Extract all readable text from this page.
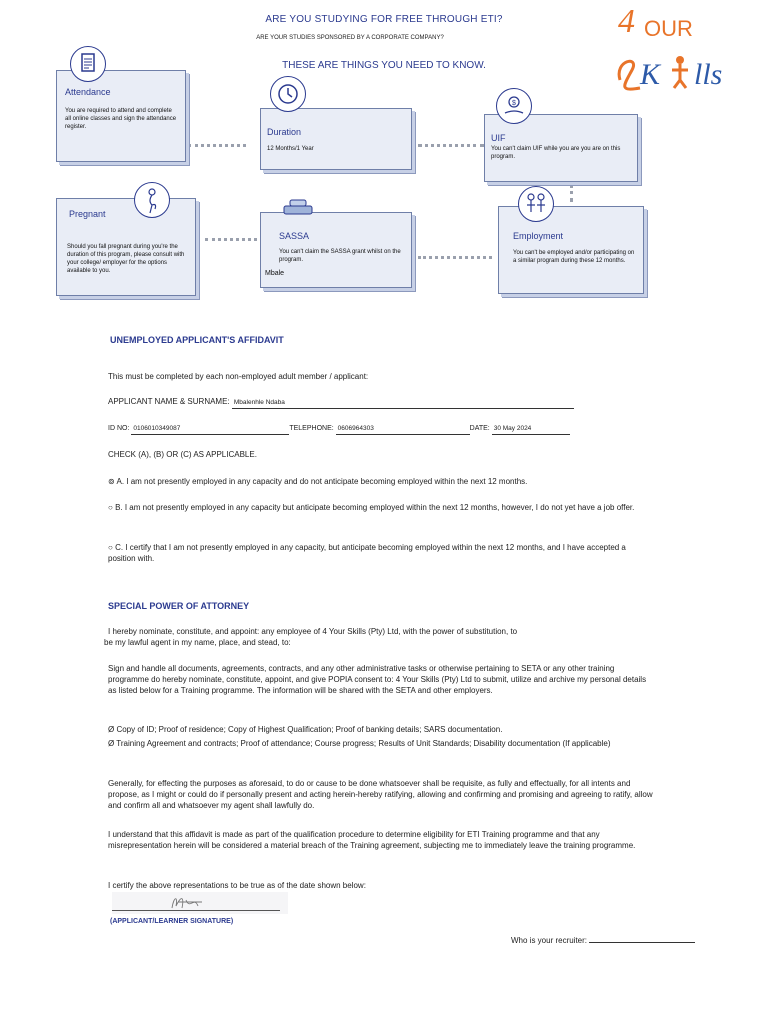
ARE YOU STUDYING FOR FREE THROUGH ETI?
ARE YOUR STUDIES SPONSORED BY A CORPORATE COMPANY?
THESE ARE THINGS YOU NEED TO KNOW.
4 OUR
K lls
Attendance
You are required to attend and complete all online classes and sign the attendance register.	Duration
12 Months/1 Year
UIF
You can't claim UIF while you are you are on this program.
$
Pregnant
Should you fall pregnant during you're the duration of this program, please consult with your college/ employer for the options available to you.
SASSA
You can't claim the SASSA grant whilst on the program.
Mbale
Employment
You can't be employed and/or participating on a similar program during these 12 months.
UNEMPLOYED APPLICANT'S AFFIDAVIT
This must be completed by each non-employed adult member / applicant:
APPLICANT NAME & SURNAME: Mbalenhle Ndaba
ID NO: 0106010349087	TELEPHONE: 0606964303	DATE: 30 May 2024
CHECK (A), (B) OR (C) AS APPLICABLE.
⊚ A. I am not presently employed in any capacity and do not anticipate becoming employed within the next 12 months.
○ B. I am not presently employed in any capacity but anticipate becoming employed within the next 12 months, however, I do not yet have a job offer.
○ C. I certify that I am not presently employed in any capacity, but anticipate becoming employed within the next 12 months, and I have accepted a position with.
SPECIAL POWER OF ATTORNEY
I hereby nominate, constitute, and appoint: any employee of 4 Your Skills (Pty) Ltd, with the power of substitution, to be my lawful agent in my name, place, and stead, to:
Sign and handle all documents, agreements, contracts, and any other administrative tasks or otherwise pertaining to SETA or any other training programme do hereby nominate, constitute, appoint, and give POPIA consent to: 4 Your Skills (Pty) Ltd to submit, utilize and archive my personal details as listed below for a Training programme. The information will be shared with the SETA and other employers.
Ø Copy of ID; Proof of residence; Copy of Highest Qualification; Proof of banking details; SARS documentation.
Ø Training Agreement and contracts; Proof of attendance; Course progress; Results of Unit Standards; Disability documentation (If applicable)
Generally, for effecting the purposes as aforesaid, to do or cause to be done whatsoever shall be requisite, as fully and effectually, for all intents and propose, as I might or could do if personally present and acting herein-hereby ratifying, allowing and confirming and promising and agreeing to ratify, allow and confirm all and whatsoever my agent shall lawfully do.
I understand that this affidavit is made as part of the qualification procedure to determine eligibility for ETI Training programme and that any misrepresentation herein will be considered a material breach of the Training agreement, subjecting me to immediately leave the training programme.
I certify the above representations to be true as of the date shown below:
(APPLICANT/LEARNER SIGNATURE)
Who is your recruiter:
